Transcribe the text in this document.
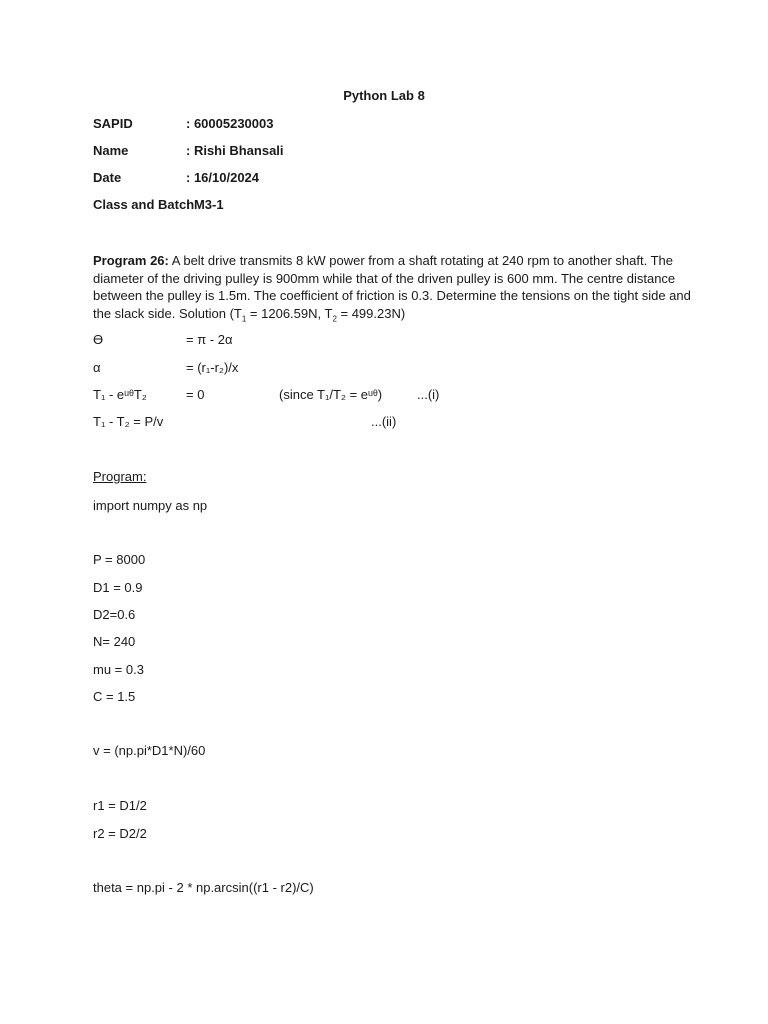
Python Lab 8
SAPID	: 60005230003
Name	: Rishi Bhansali
Date	: 16/10/2024
Class and Batch
: M3-1
Program 26: A belt drive transmits 8 kW power from a shaft rotating at 240 rpm to another shaft. The diameter of the driving pulley is 900mm while that of the driven pulley is 600 mm. The centre distance between the pulley is 1.5m. The coefficient of friction is 0.3. Determine the tensions on the tight side and the slack side. Solution ($T_1 = 1206.59N$, $T_2 = 499.23N$)
ϴ	= π - 2α
α	= (r₁-r₂)/x
T₁ - eᵘᶿT₂	= 0	(since T₁/T₂ = eᵘᶿ)	...(i)
T₁ - T₂ = P/v	...(ii)
Program:
import numpy as np
P = 8000
D1 = 0.9
D2=0.6
N= 240
mu = 0.3
C = 1.5
v = (np.pi*D1*N)/60
r1 = D1/2
r2 = D2/2
theta = np.pi - 2 * np.arcsin((r1 - r2)/C)
